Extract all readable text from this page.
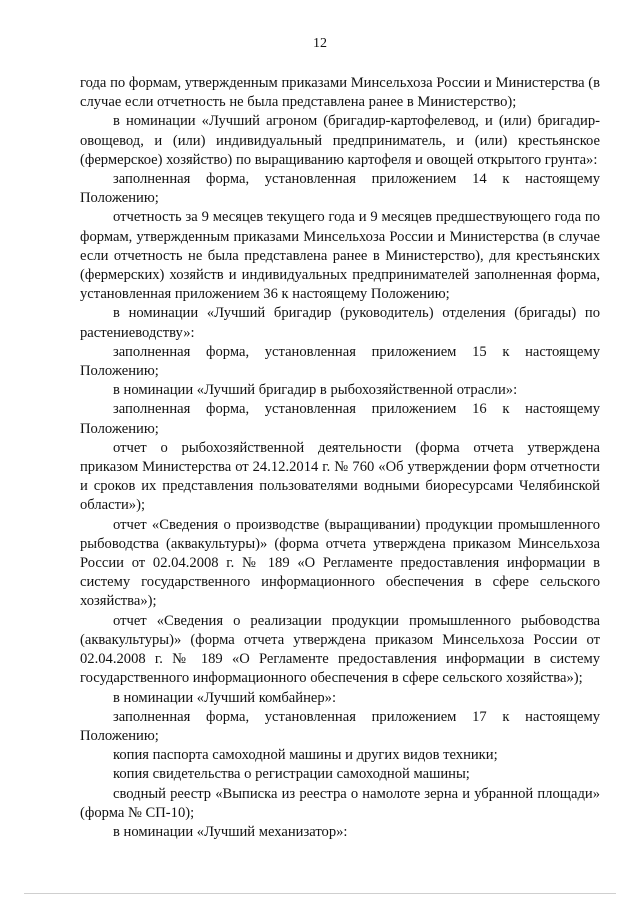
12

года по формам, утвержденным приказами Минсельхоза России и Министерства (в случае если отчетность не была представлена ранее в Министерство);

в номинации «Лучший агроном (бригадир-картофелевод, и (или) бригадир-овощевод, и (или) индивидуальный предприниматель, и (или) крестьянское (фермерское) хозяйство) по выращиванию картофеля и овощей открытого грунта»:

заполненная форма, установленная приложением 14 к настоящему Положению;

отчетность за 9 месяцев текущего года и 9 месяцев предшествующего года по формам, утвержденным приказами Минсельхоза России и Министерства (в случае если отчетность не была представлена ранее в Министерство), для крестьянских (фермерских) хозяйств и индивидуальных предпринимателей заполненная форма, установленная приложением 36 к настоящему Положению;

в номинации «Лучший бригадир (руководитель) отделения (бригады) по растениеводству»:

заполненная форма, установленная приложением 15 к настоящему Положению;

в номинации «Лучший бригадир в рыбохозяйственной отрасли»:

заполненная форма, установленная приложением 16 к настоящему Положению;

отчет о рыбохозяйственной деятельности (форма отчета утверждена приказом Министерства от 24.12.2014 г. № 760 «Об утверждении форм отчетности и сроков их представления пользователями водными биоресурсами Челябинской области»);

отчет «Сведения о производстве (выращивании) продукции промышленного рыбоводства (аквакультуры)» (форма отчета утверждена приказом Минсельхоза России от 02.04.2008 г. № 189 «О Регламенте предоставления информации в систему государственного информационного обеспечения в сфере сельского хозяйства»);

отчет «Сведения о реализации продукции промышленного рыбоводства (аквакультуры)» (форма отчета утверждена приказом Минсельхоза России от 02.04.2008 г. № 189 «О Регламенте предоставления информации в систему государственного информационного обеспечения в сфере сельского хозяйства»);

в номинации «Лучший комбайнер»:

заполненная форма, установленная приложением 17 к настоящему Положению;

копия паспорта самоходной машины и других видов техники;

копия свидетельства о регистрации самоходной машины;

сводный реестр «Выписка из реестра о намолоте зерна и убранной площади» (форма № СП-10);

в номинации «Лучший механизатор»:
